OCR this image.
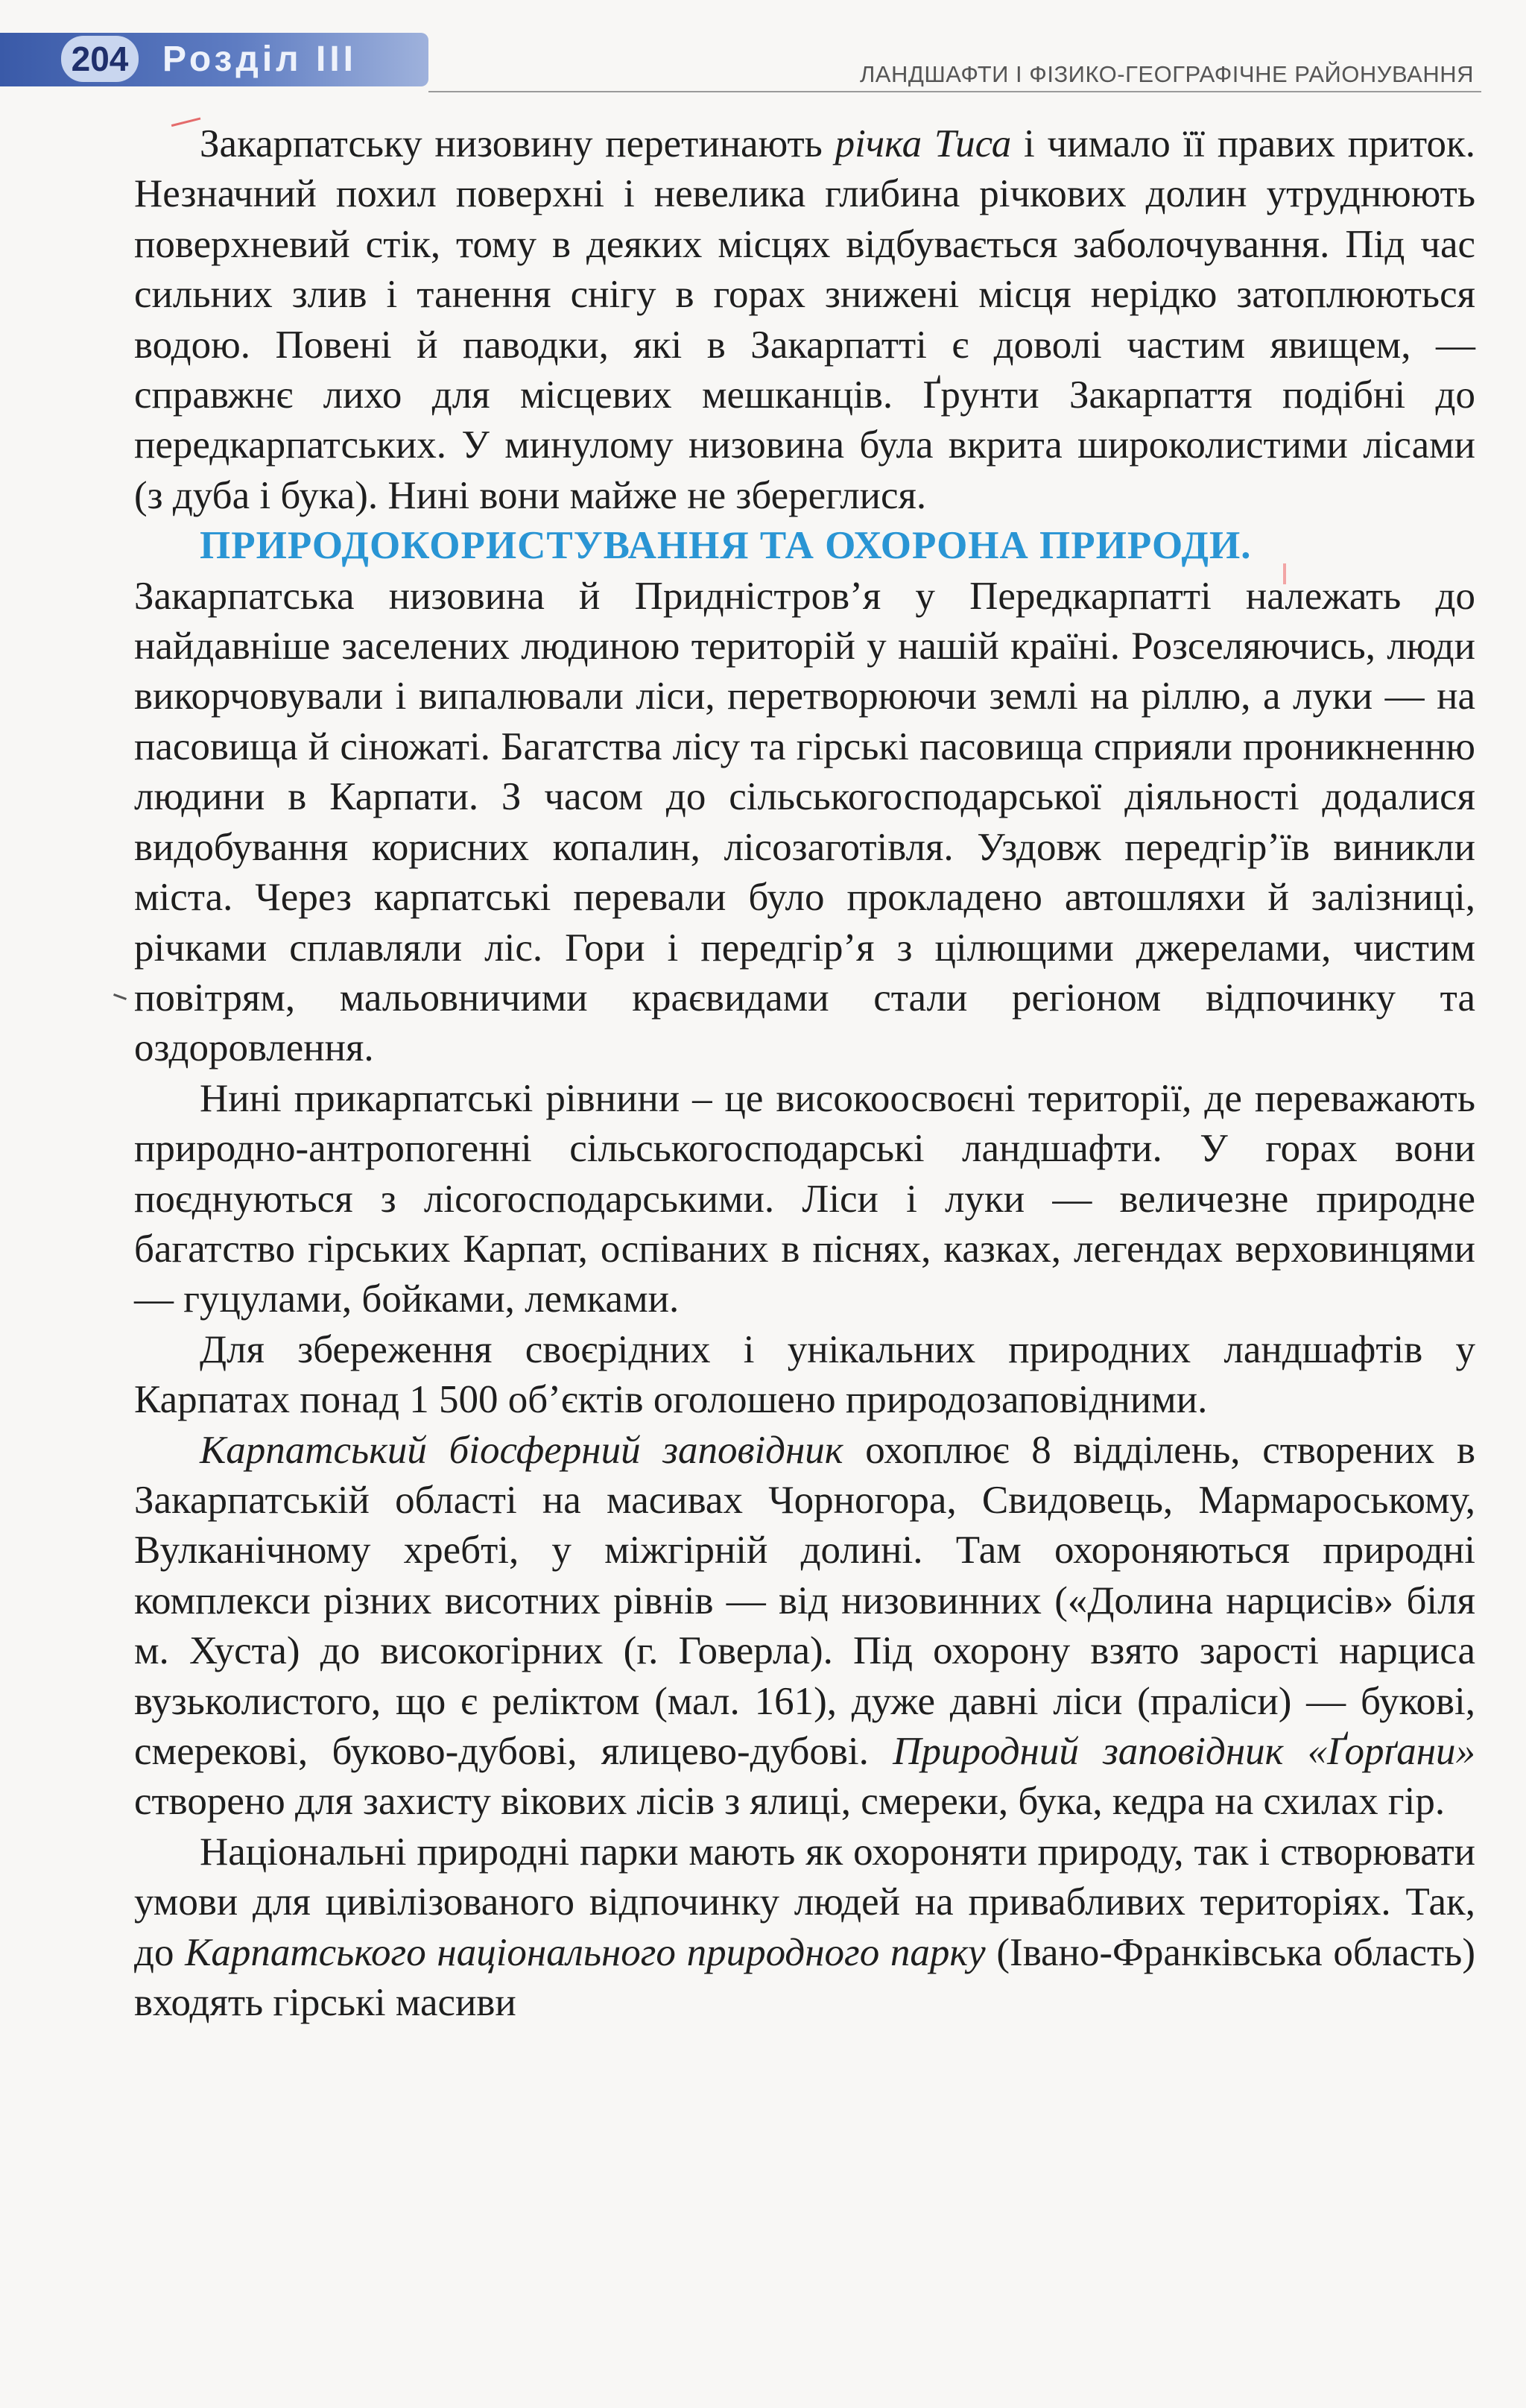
204 Розділ III	ЛАНДШАФТИ І ФІЗИКО-ГЕОГРАФІЧНЕ РАЙОНУВАННЯ

Закарпатську низовину перетинають річка Тиса і чимало її правих приток. Незначний похил поверхні і невелика глибина річкових долин утруднюють поверхневий стік, тому в деяких місцях відбувається заболочування. Під час сильних злив і танення снігу в горах знижені місця нерідко затоплюються водою. Повені й паводки, які в Закарпатті є доволі частим явищем, — справжнє лихо для місцевих мешканців. Ґрунти Закарпаття подібні до передкарпатських. У минулому низовина була вкрита широколистими лісами (з дуба і бука). Нині вони майже не збереглися.

ПРИРОДОКОРИСТУВАННЯ ТА ОХОРОНА ПРИРОДИ.

Закарпатська низовина й Придністров’я у Передкарпатті належать до найдавніше заселених людиною територій у нашій країні. Розселяючись, люди викорчовували і випалювали ліси, перетворюючи землі на ріллю, а луки — на пасовища й сіножаті. Багатства лісу та гірські пасовища сприяли проникненню людини в Карпати. З часом до сільськогосподарської діяльності додалися видобування корисних копалин, лісозаготівля. Уздовж передгір’їв виникли міста. Через карпатські перевали було прокладено автошляхи й залізниці, річками сплавляли ліс. Гори і передгір’я з цілющими джерелами, чистим повітрям, мальовничими краєвидами стали регіоном відпочинку та оздоровлення.

Нині прикарпатські рівнини – це високоосвоєні території, де переважають природно-антропогенні сільськогосподарські ландшафти. У горах вони поєднуються з лісогосподарськими. Ліси і луки — величезне природне багатство гірських Карпат, оспіваних в піснях, казках, легендах верховинцями — гуцулами, бойками, лемками.

Для збереження своєрідних і унікальних природних ландшафтів у Карпатах понад 1 500 об’єктів оголошено природозаповідними.

Карпатський біосферний заповідник охоплює 8 відділень, створених в Закарпатській області на масивах Чорногора, Свидовець, Мармароському, Вулканічному хребті, у міжгірній долині. Там охороняються природні комплекси різних висотних рівнів — від низовинних («Долина нарцисів» біля м. Хуста) до високогірних (г. Говерла). Під охорону взято зарості нарциса вузьколистого, що є реліктом (мал. 161), дуже давні ліси (праліси) — букові, смерекові, буково-дубові, ялицево-дубові. Природний заповідник «Ґорґани» створено для захисту вікових лісів з ялиці, смереки, бука, кедра на схилах гір.

Національні природні парки мають як охороняти природу, так і створювати умови для цивілізованого відпочинку людей на привабливих територіях. Так, до Карпатського національного природного парку (Івано-Франківська область) входять гірські масиви
